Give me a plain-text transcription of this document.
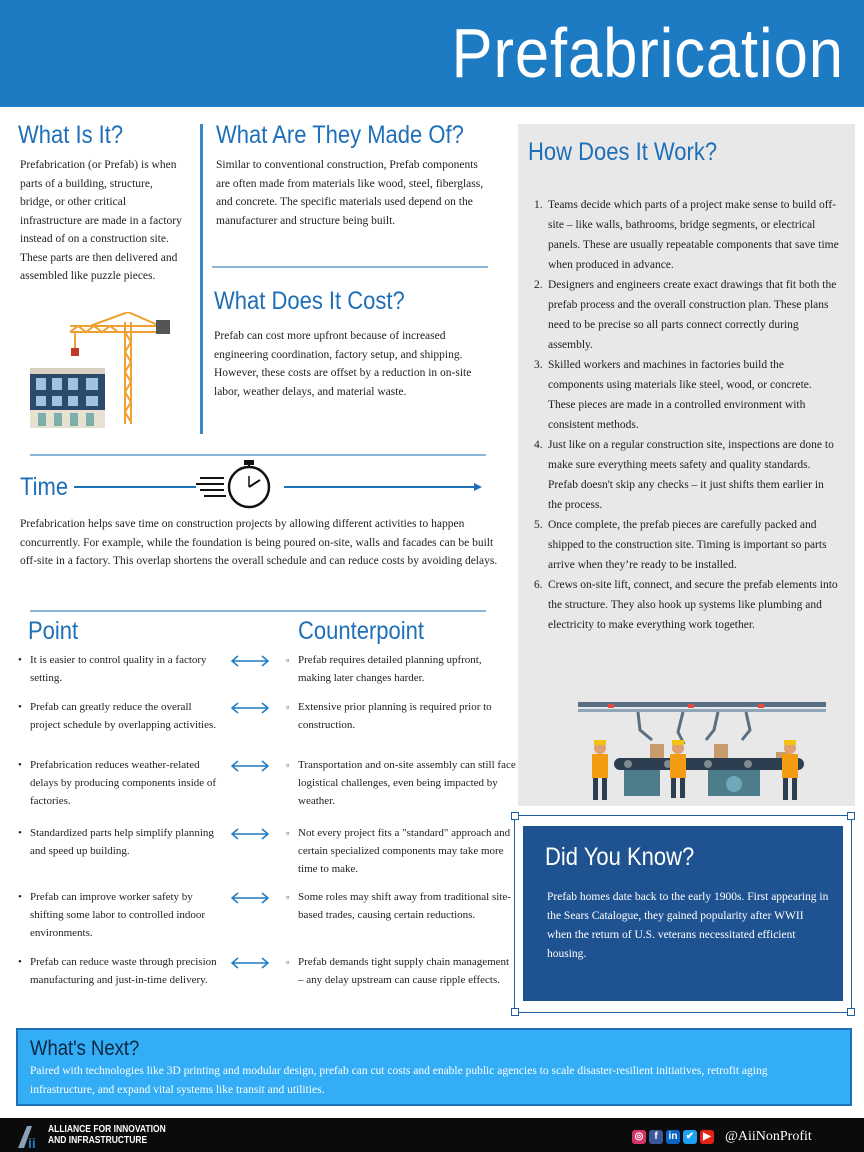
Prefabrication
What Is It?
Prefabrication (or Prefab) is when parts of a building, structure, bridge, or other critical infrastructure are made in a factory instead of on a construction site. These parts are then delivered and assembled like puzzle pieces.
What Are They Made Of?
Similar to conventional construction, Prefab components are often made from materials like wood, steel, fiberglass, and concrete. The specific materials used depend on the manufacturer and structure being built.
What Does It Cost?
Prefab can cost more upfront because of increased engineering coordination, factory setup, and shipping. However, these costs are offset by a reduction in on-site labor, weather delays, and material waste.
Time
Prefabrication helps save time on construction projects by allowing different activities to happen concurrently. For example, while the foundation is being poured on-site, walls and facades can be built off-site in a factory. This overlap shortens the overall schedule and can reduce costs by avoiding delays.
Point	Counterpoint
• It is easier to control quality in a factory setting.
▫ Prefab requires detailed planning upfront, making later changes harder.
• Prefab can greatly reduce the overall project schedule by overlapping activities.
▫ Extensive prior planning is required prior to construction.
• Prefabrication reduces weather-related delays by producing components inside of factories.
▫ Transportation and on-site assembly can still face logistical challenges, even being impacted by weather.
• Standardized parts help simplify planning and speed up building.
▫ Not every project fits a "standard" approach and certain specialized components may take more time to make.
• Prefab can improve worker safety by shifting some labor to controlled indoor environments.
▫ Some roles may shift away from traditional site-based trades, causing certain reductions.
• Prefab can reduce waste through precision manufacturing and just-in-time delivery.
▫ Prefab demands tight supply chain management – any delay upstream can cause ripple effects.
How Does It Work?
1. Teams decide which parts of a project make sense to build off-site – like walls, bathrooms, bridge segments, or electrical panels. These are usually repeatable components that save time when produced in advance.
2. Designers and engineers create exact drawings that fit both the prefab process and the overall construction plan. These plans need to be precise so all parts connect correctly during assembly.
3. Skilled workers and machines in factories build the components using materials like steel, wood, or concrete. These pieces are made in a controlled environment with consistent methods.
4. Just like on a regular construction site, inspections are done to make sure everything meets safety and quality standards. Prefab doesn't skip any checks – it just shifts them earlier in the process.
5. Once complete, the prefab pieces are carefully packed and shipped to the construction site. Timing is important so parts arrive when they’re ready to be installed.
6. Crews on-site lift, connect, and secure the prefab elements into the structure. They also hook up systems like plumbing and electricity to make everything work together.
Did You Know?
Prefab homes date back to the early 1900s. First appearing in the Sears Catalogue, they gained popularity after WWII when the return of U.S. veterans necessitated efficient housing.
What's Next?
Paired with technologies like 3D printing and modular design, prefab can cut costs and enable public agencies to scale disaster-resilient initiatives, retrofit aging infrastructure, and expand vital systems like transit and utilities.
ii
ALLIANCE FOR INNOVATION
AND INFRASTRUCTURE	◎ f in ✔ ▶ @AiiNonProfit
